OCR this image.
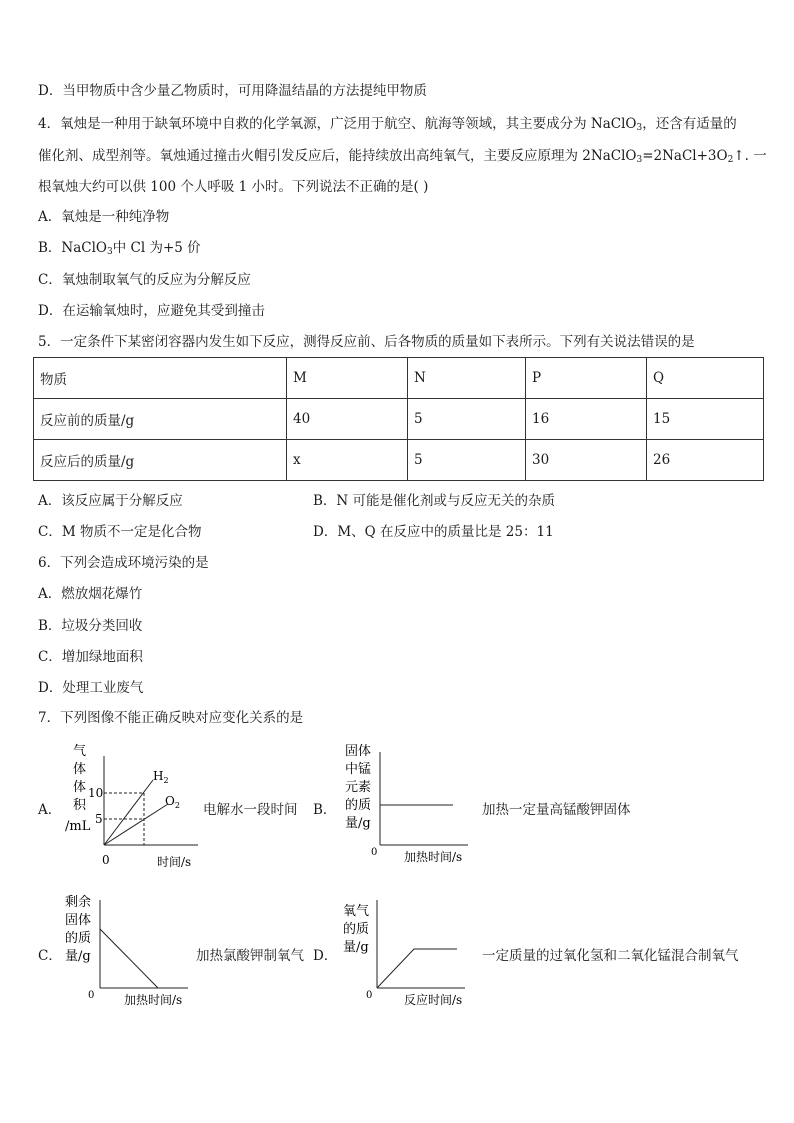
D．当甲物质中含少量乙物质时，可用降温结晶的方法提纯甲物质
4．氧烛是一种用于缺氧环境中自救的化学氧源，广泛用于航空、航海等领域，其主要成分为 NaClO$_3$，还含有适量的
催化剂、成型剂等。氧烛通过撞击火帽引发反应后，能持续放出高纯氧气，主要反应原理为 $2NaClO_3=2NaCl+3O_2↑$. 一
根氧烛大约可以供 100 个人呼吸 1 小时。下列说法不正确的是( )
A．氧烛是一种纯净物
B．NaClO$_3$中 Cl 为+5 价
C．氧烛制取氧气的反应为分解反应
D．在运输氧烛时，应避免其受到撞击
5．一定条件下某密闭容器内发生如下反应，测得反应前、后各物质的质量如下表所示。下列有关说法错误的是
物质	M	N	P	Q
反应前的质量/g	40	5	16	15
反应后的质量/g	x	5	30	26
A．该反应属于分解反应	B．N 可能是催化剂或与反应无关的杂质
C．M 物质不一定是化合物	D．M、Q 在反应中的质量比是 25：11
6．下列会造成环境污染的是
A．燃放烟花爆竹
B．垃圾分类回收
C．增加绿地面积
D．处理工业废气
7．下列图像不能正确反映对应变化关系的是
A．
气
体
体
积
/mL
10
5
0	时间/s
$H_2$
$O_2$ 电解水一段时间 B．
固体
中锰
元素
的质
量/g
0 加热时间/s
加热一定量高锰酸钾固体
C．
剩余
固体
的质
量/g
0 加热时间/s
加热氯酸钾制氧气 D．
氧气
的质
量/g
0	反应时间/s
一定质量的过氧化氢和二氧化锰混合制氧气
